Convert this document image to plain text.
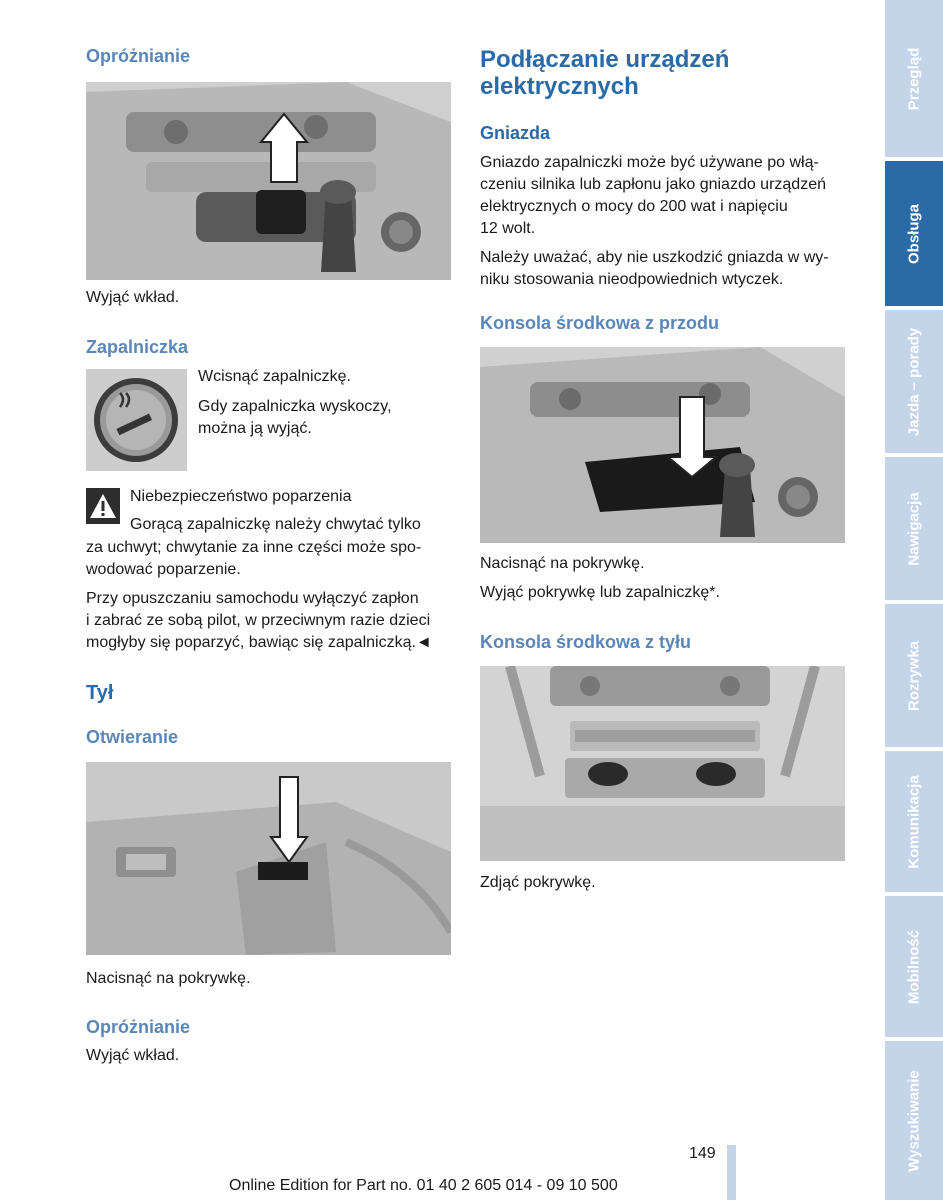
Opróżnianie
Wyjąć wkład.
Zapalniczka
Wcisnąć zapalniczkę.
Gdy zapalniczka wyskoczy,
można ją wyjąć.
Niebezpieczeństwo poparzenia
Gorącą zapalniczkę należy chwytać tylko
za uchwyt; chwytanie za inne części może spo-
wodować poparzenie.
Przy opuszczaniu samochodu wyłączyć zapłon
i zabrać ze sobą pilot, w przeciwnym razie dzieci
mogłyby się poparzyć, bawiąc się zapalniczką.◄
Tył
Otwieranie
Nacisnąć na pokrywkę.
Opróżnianie
Wyjąć wkład.
Podłączanie urządzeń
elektrycznych
Gniazda
Gniazdo zapalniczki może być używane po włą-
czeniu silnika lub zapłonu jako gniazdo urządzeń
elektrycznych o mocy do 200 wat i napięciu
12 wolt.
Należy uważać, aby nie uszkodzić gniazda w wy-
niku stosowania nieodpowiednich wtyczek.
Konsola środkowa z przodu
Nacisnąć na pokrywkę.
Wyjąć pokrywkę lub zapalniczkę*.
Konsola środkowa z tyłu
Zdjąć pokrywkę.
Przegląd
Obsługa
Jazda – porady
Nawigacja
Rozrywka
Komunikacja
Mobilność
Wyszukiwanie
149
Online Edition for Part no. 01 40 2 605 014 - 09 10 500
